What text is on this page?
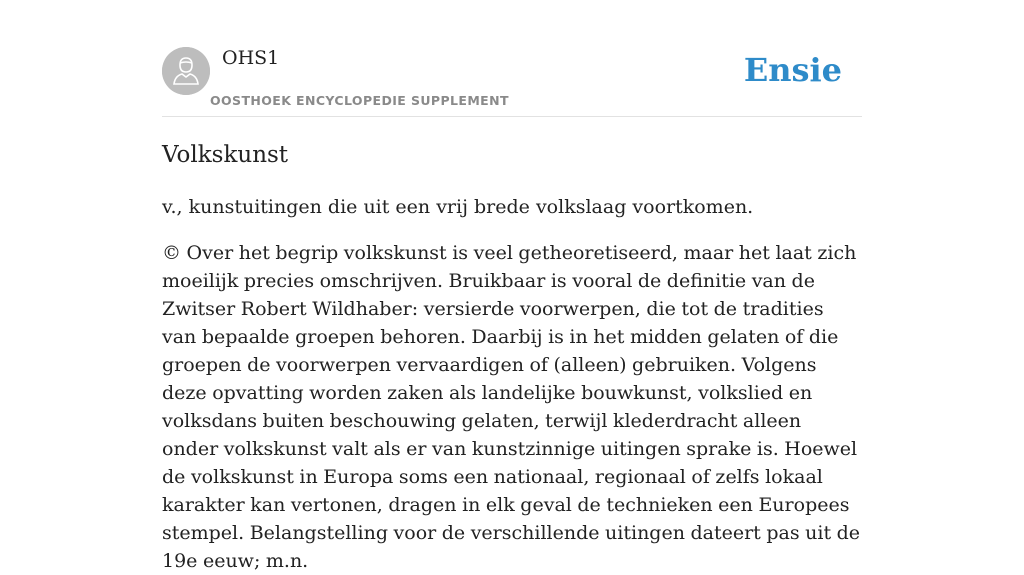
OHS1
OOSTHOEK ENCYCLOPEDIE SUPPLEMENT
Ensie
Volkskunst

v., kunstuitingen die uit een vrij brede volkslaag voortkomen.

© Over het begrip volkskunst is veel getheoretiseerd, maar het laat zich moeilijk precies omschrijven. Bruikbaar is vooral de definitie van de Zwitser Robert Wildhaber: versierde voorwerpen, die tot de tradities van bepaalde groepen behoren. Daarbij is in het midden gelaten of die groepen de voorwerpen vervaardigen of (alleen) gebruiken. Volgens deze opvatting worden zaken als landelijke bouwkunst, volkslied en volksdans buiten beschouwing gelaten, terwijl klederdracht alleen onder volkskunst valt als er van kunstzinnige uitingen sprake is. Hoewel de volkskunst in Europa soms een nationaal, regionaal of zelfs lokaal karakter kan vertonen, dragen in elk geval de technieken een Europees stempel. Belangstelling voor de verschillende uitingen dateert pas uit de 19e eeuw; m.n.
